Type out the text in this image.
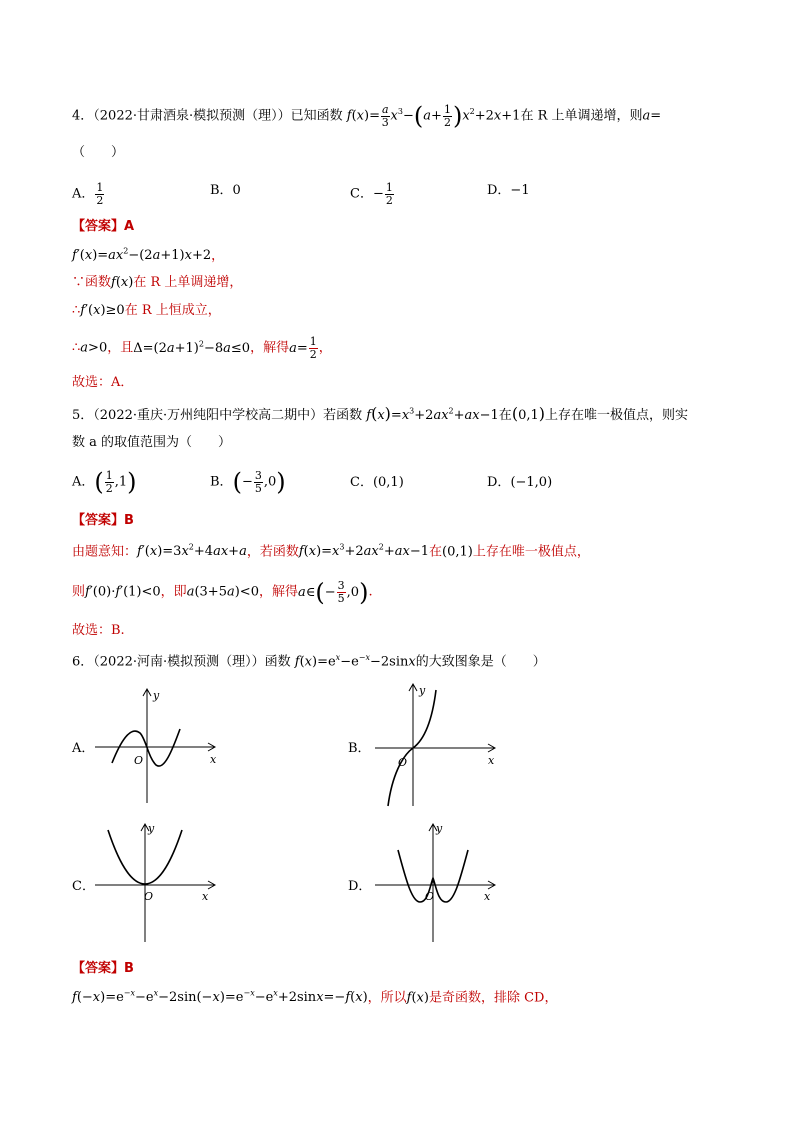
4．（2022·甘肃酒泉·模拟预测（理））已知函数 $f(x)= \frac{a}{3} x^3-(a+ \frac{1}{2} )x^2+2x+1$在 R 上单调递增，则a=
（　　）
A． $\frac{1}{2}$	B．0	C．− $\frac{1}{2}$	D．−1
【答案】A
$f'(x)=ax^2-(2a+1)x+2$，
∵函数f(x)在 R 上单调递增，
∴f′(x)≥0在 R 上恒成立，
∴a>0，且$\Delta=(2a+1)^2-8a\le 0$，解得$a= \frac{1}{2}$ ，
故选：A．
5．（2022·重庆·万州纯阳中学校高二期中）若函数 $f(x)=x^3+2ax^2+ax-1$在(0,1)上存在唯一极值点，则实
数 a 的取值范围为（　　）
A．( $\frac{1}{2} ,1$)	B．(− $\frac{3}{5} ,0$)	C．(0,1)	D．(−1,0)
【答案】B
由题意知：$f'(x)=3x^2+4ax+a$，若函数$f(x)=x^3+2ax^2+ax-1$在(0,1)上存在唯一极值点，
则f′(0)·f′(1)<0，即a(3+5a)<0，解得a∈(− $\frac{3}{5} ,0$).
故选：B.
6．（2022·河南·模拟预测（理））函数 $f(x)=e^x-e^{-x}-2\sin x$的大致图象是（　　）
A．
y
x
O
B．
y
x
O
C．
y
x
O
D．
y
x
O
【答案】B
$f(-x)=e^{-x}-e^x-2\sin(-x)=e^{-x}-e^x+2\sin x=-f(x)$，所以f(x)是奇函数，排除 CD，
